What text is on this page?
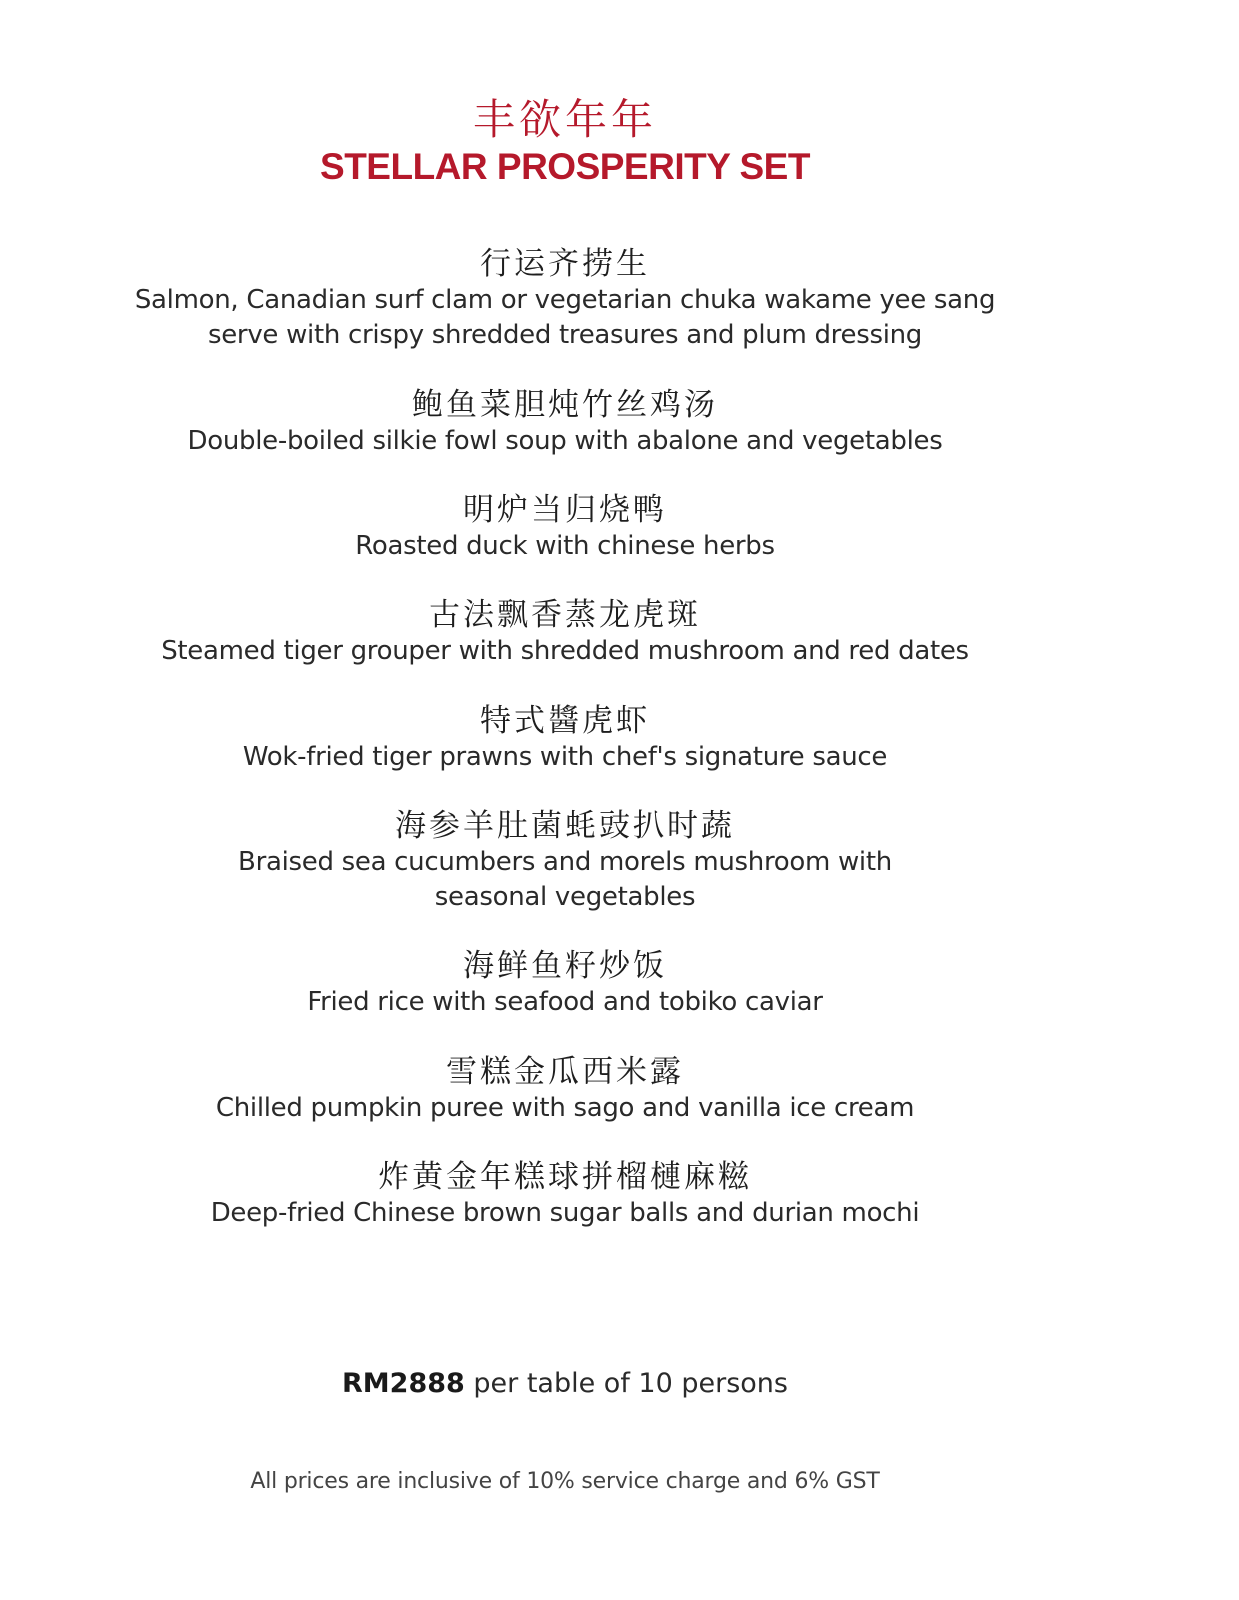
丰欲年年
STELLAR PROSPERITY SET

行运齐捞生

Salmon, Canadian surf clam or vegetarian chuka wakame yee sang

serve with crispy shredded treasures and plum dressing

鲍鱼菜胆炖竹丝鸡汤

Double-boiled silkie fowl soup with abalone and vegetables

明炉当归烧鸭

Roasted duck with chinese herbs

古法飘香蒸龙虎斑

Steamed tiger grouper with shredded mushroom and red dates

特式醬虎虾

Wok-fried tiger prawns with chef's signature sauce

海参羊肚菌蚝豉扒时蔬

Braised sea cucumbers and morels mushroom with

seasonal vegetables

海鲜鱼籽炒饭

Fried rice with seafood and tobiko caviar

雪糕金瓜西米露

Chilled pumpkin puree with sago and vanilla ice cream

炸黄金年糕球拼榴槤麻糍

Deep-fried Chinese brown sugar balls and durian mochi

RM2888 per table of 10 persons
All prices are inclusive of 10% service charge and 6% GST
